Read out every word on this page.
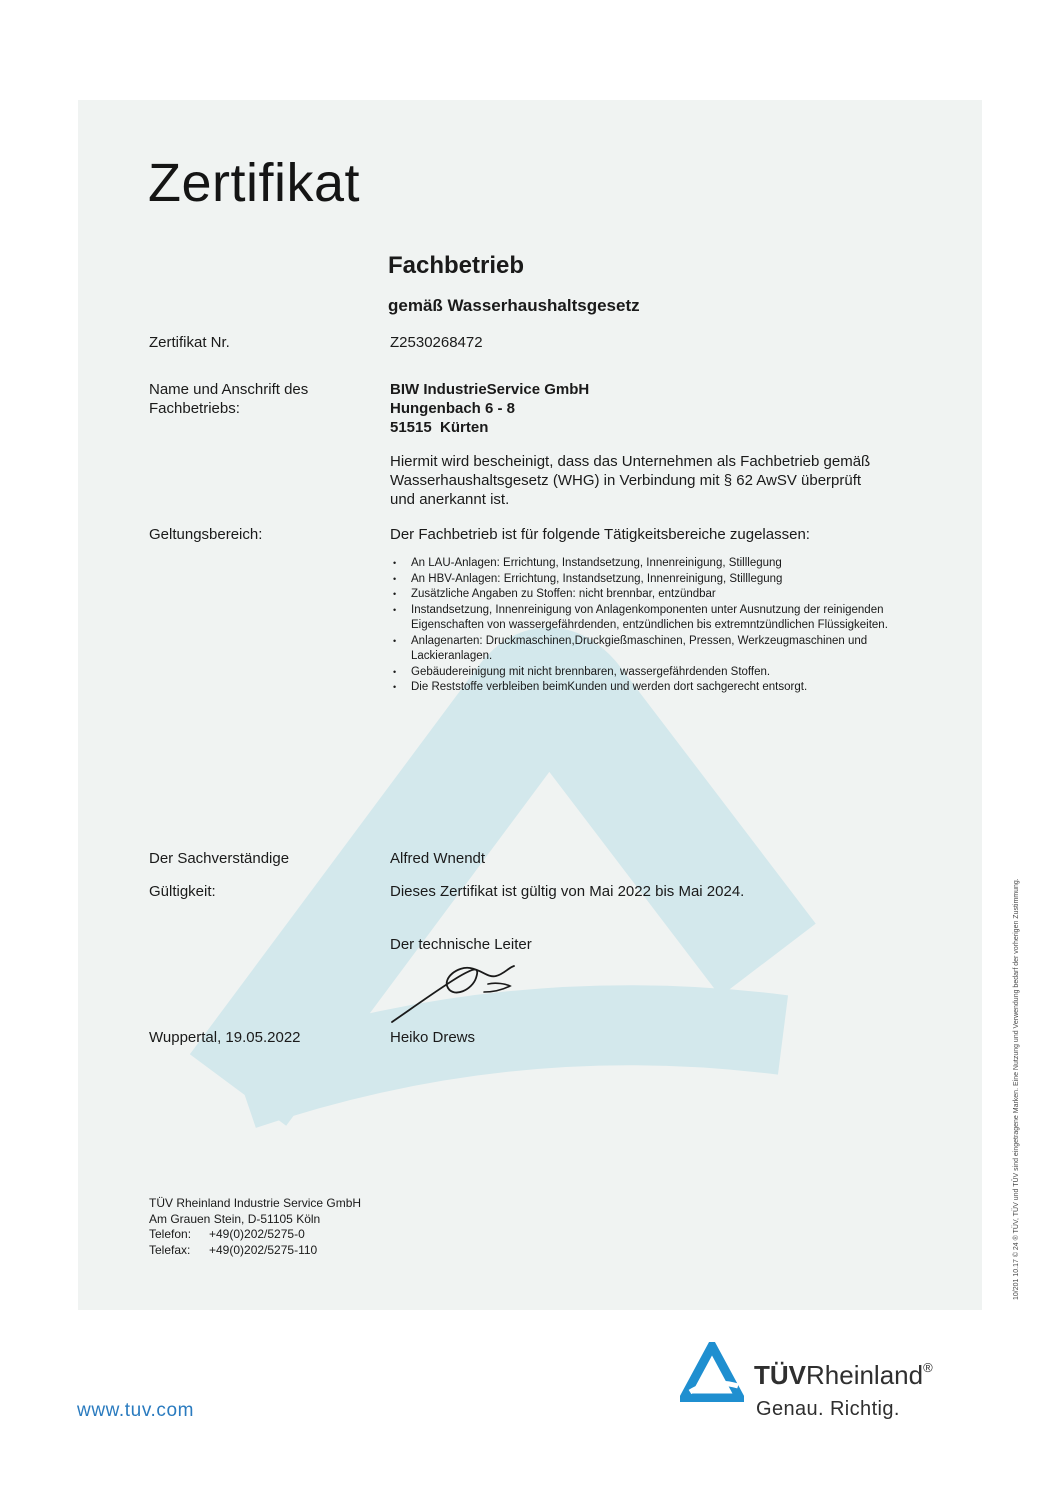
Zertifikat
Fachbetrieb
gemäß Wasserhaushaltsgesetz
Zertifikat Nr.	Z2530268472
Name und Anschrift des
Fachbetriebs:
BIW IndustrieService GmbH
Hungenbach 6 - 8
51515  Kürten
Hiermit wird bescheinigt, dass das Unternehmen als Fachbetrieb gemäß Wasserhaushaltsgesetz (WHG) in Verbindung mit § 62 AwSV überprüft und anerkannt ist.
Geltungsbereich:	Der Fachbetrieb ist für folgende Tätigkeitsbereiche zugelassen:
• An LAU-Anlagen: Errichtung, Instandsetzung, Innenreinigung, Stilllegung
• An HBV-Anlagen: Errichtung, Instandsetzung, Innenreinigung, Stilllegung
• Zusätzliche Angaben zu Stoffen: nicht brennbar, entzündbar
• Instandsetzung, Innenreinigung von Anlagenkomponenten unter Ausnutzung der reinigenden Eigenschaften von wassergefährdenden, entzündlichen bis extremntzündlichen Flüssigkeiten.
• Anlagenarten: Druckmaschinen,Druckgießmaschinen, Pressen, Werkzeugmaschinen und Lackieranlagen.
• Gebäudereinigung mit nicht brennbaren, wassergefährdenden Stoffen.
• Die Reststoffe verbleiben beimKunden und werden dort sachgerecht entsorgt.
Der Sachverständige	Alfred Wnendt
Gültigkeit:	Dieses Zertifikat ist gültig von Mai 2022 bis Mai 2024.
Der technische Leiter
Wuppertal, 19.05.2022	Heiko Drews
TÜV Rheinland Industrie Service GmbH
Am Grauen Stein, D-51105 Köln
Telefon: +49(0)202/5275-0
Telefax: +49(0)202/5275-110
www.tuv.com
TÜVRheinland®
Genau. Richtig.
10/201 10.17 © 24 ® TÜV, TÜV und TÜV sind eingetragene Marken. Eine Nutzung und Verwendung bedarf der vorherigen Zustimmung.
